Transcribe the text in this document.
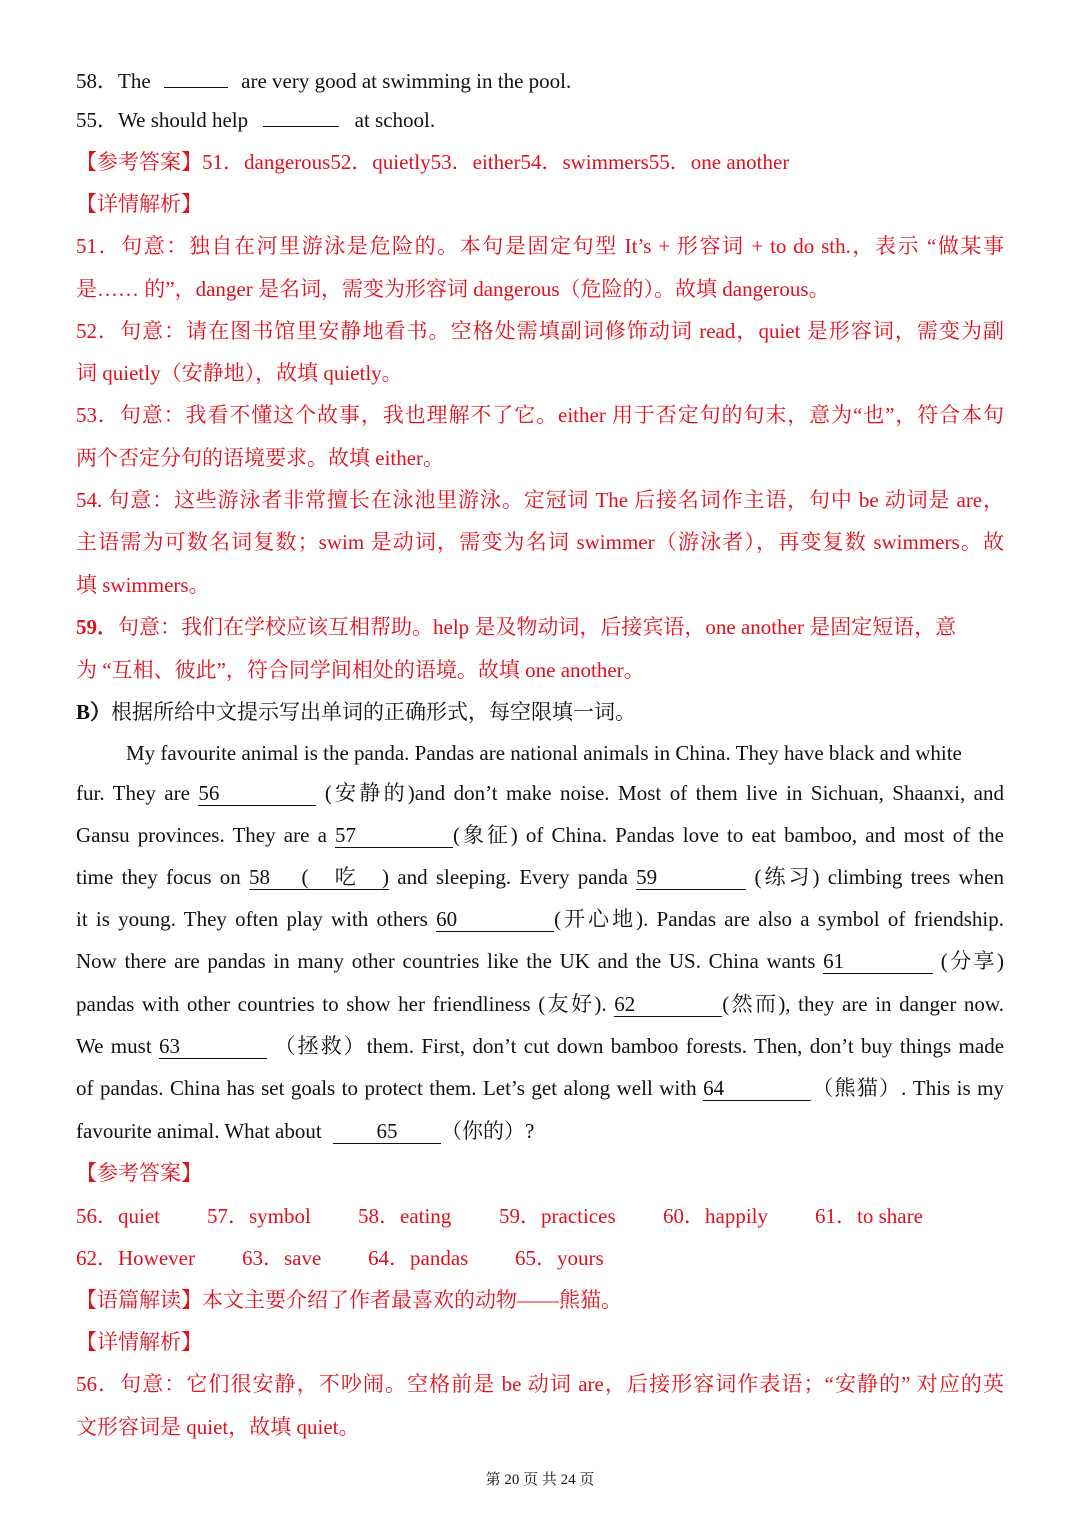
58．The	are very good at swimming in the pool.
55．We should help	at school.
【参考答案】51．dangerous52．quietly53．either54．swimmers55．one another
【详情解析】
51．句意：独自在河里游泳是危险的。本句是固定句型 It’s + 形容词 + to do sth.，表示 “做某事
是…… 的”，danger 是名词，需变为形容词 dangerous（危险的）。故填 dangerous。
52．句意：请在图书馆里安静地看书。空格处需填副词修饰动词 read，quiet 是形容词，需变为副
词 quietly（安静地），故填 quietly。
53．句意：我看不懂这个故事，我也理解不了它。either 用于否定句的句末，意为“也”，符合本句
两个否定分句的语境要求。故填 either。
54. 句意：这些游泳者非常擅长在泳池里游泳。定冠词 The 后接名词作主语，句中 be 动词是 are，
主语需为可数名词复数；swim 是动词，需变为名词 swimmer（游泳者），再变复数 swimmers。故
填 swimmers。
59．句意：我们在学校应该互相帮助。help 是及物动词，后接宾语，one another 是固定短语，意
为 “互相、彼此”，符合同学间相处的语境。故填 one another。
B）根据所给中文提示写出单词的正确形式，每空限填一词。
My favourite animal is the panda. Pandas are national animals in China. They have black and white
fur. They are 56	(安静的)and don’t make noise. Most of them live in Sichuan, Shaanxi, and
Gansu provinces. They are a 57	(象征) of China. Pandas love to eat bamboo, and most of the
time they focus on 58 (吃) and sleeping. Every panda 59	(练习) climbing trees when
it is young. They often play with others 60	(开心地). Pandas are also a symbol of friendship.
Now there are pandas in many other countries like the UK and the US. China wants 61	(分享)
pandas with other countries to show her friendliness (友好). 62	(然而), they are in danger now.
We must 63	（拯救）them. First, don’t cut down bamboo forests. Then, don’t buy things made
of pandas. China has set goals to protect them. Let’s get along well with 64	（熊猫）. This is my
favourite animal. What about	65 （你的）?
【参考答案】
56．quiet 57．symbol 58．eating 59．practices 60．happily 61．to share
62．However 63．save 64．pandas 65．yours
【语篇解读】本文主要介绍了作者最喜欢的动物——熊猫。
【详情解析】
56．句意：它们很安静，不吵闹。空格前是 be 动词 are，后接形容词作表语；“安静的” 对应的英
文形容词是 quiet，故填 quiet。
第 20 页 共 24 页
